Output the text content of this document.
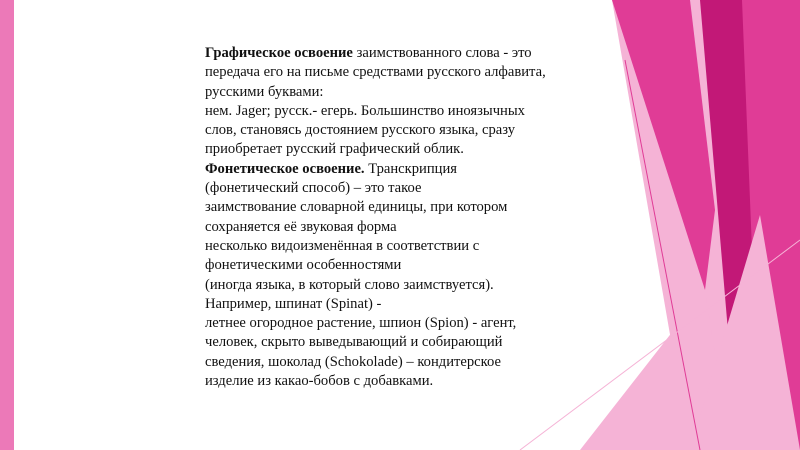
Графическое освоение заимствованного слова - это
передача его на письме средствами русского алфавита,
русскими буквами:
нем. Jager; русск.- егерь. Большинство иноязычных
слов, становясь достоянием русского языка, сразу
приобретает русский графический облик.
Фонетическое освоение. Транскрипция
(фонетический способ) – это такое
заимствование словарной единицы, при котором
сохраняется её звуковая форма
несколько видоизменённая в соответствии с
фонетическими особенностями
(иногда языка, в который слово заимствуется).
Например, шпинат (Spinat) -
летнее огородное растение, шпион (Spion) - агент,
человек, скрыто выведывающий и собирающий
сведения, шоколад (Schokolade) – кондитерское
изделие из какао-бобов с добавками.
